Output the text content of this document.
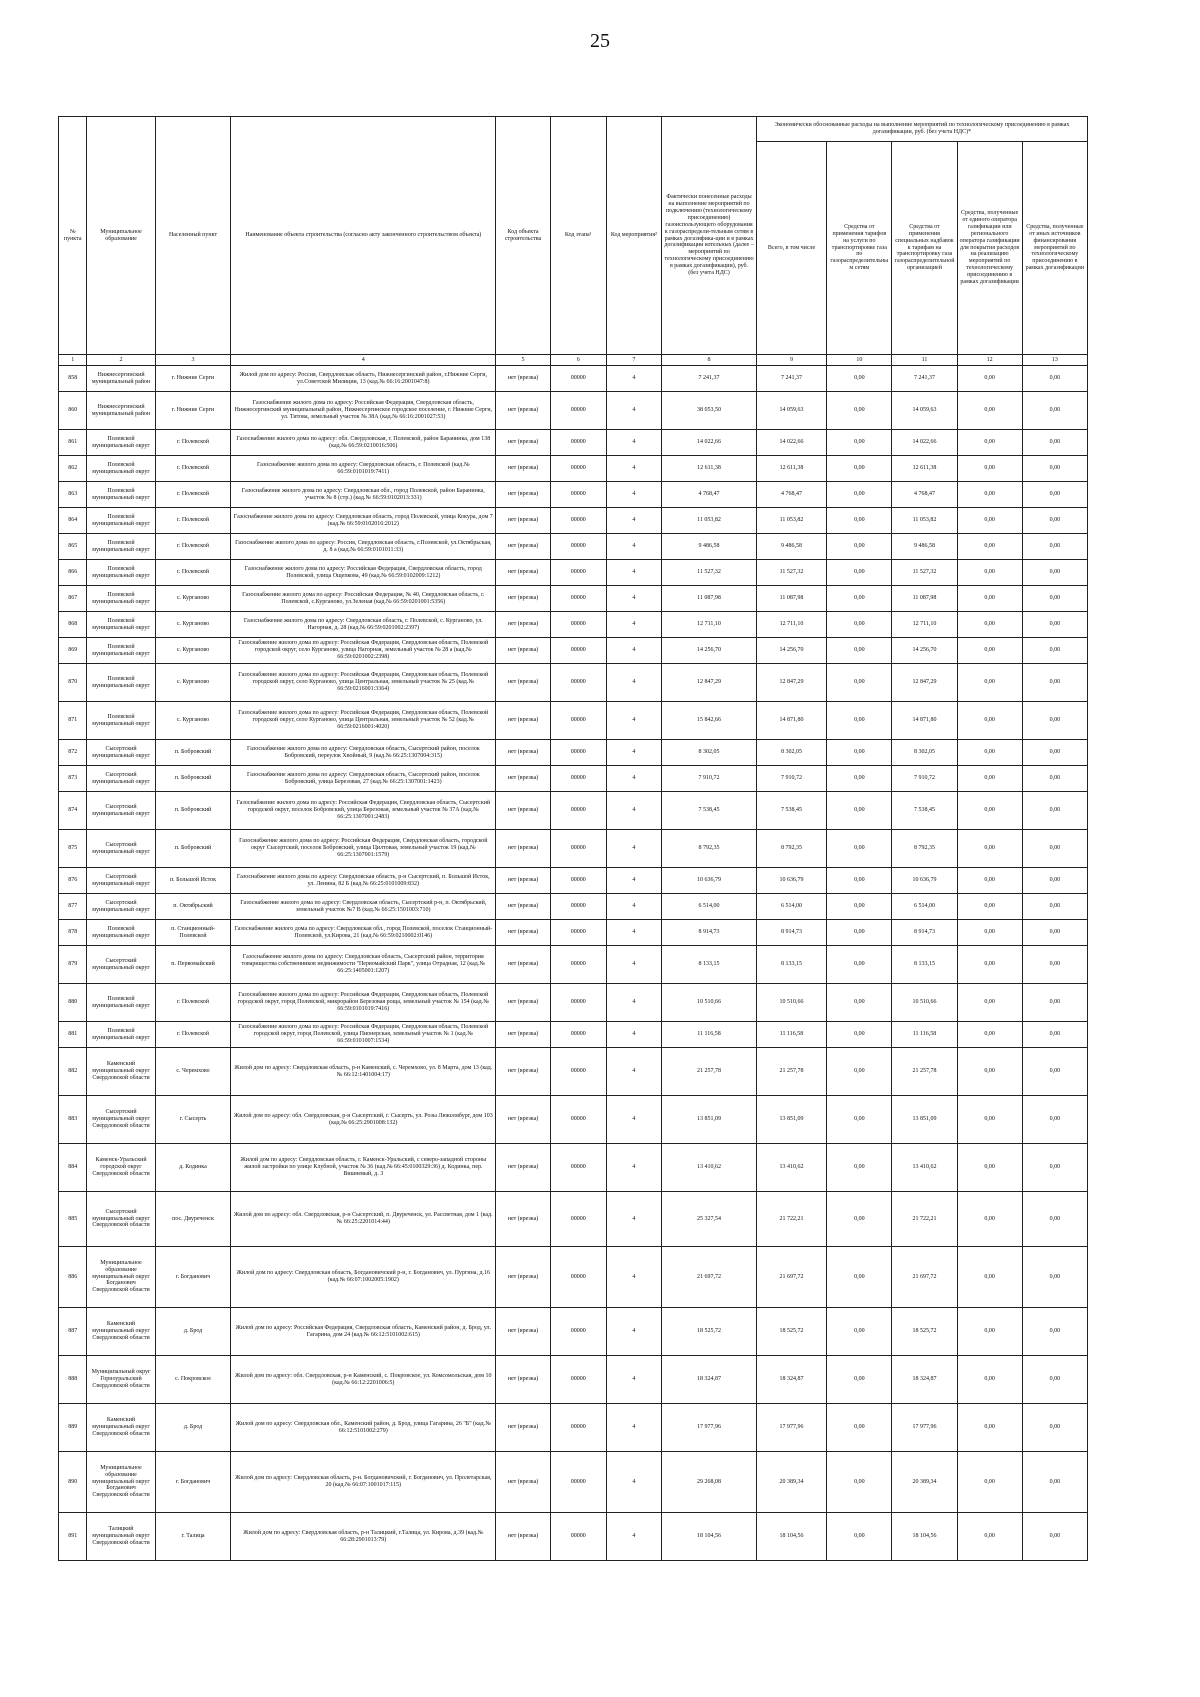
25
№ пункта	Муниципальное образование	Населенный пункт	Наименование объекта строительства (согласно акту законченного строительством объекта)	Код объекта строительства	Код этапа¹	Код мероприятия²	Фактически понесенные расходы на выполнение мероприятий по подключению (технологическому присоединению) газоиспользующего оборудования к газораспредели-тельным сетям в рамках догазифика-ции и в рамках догазификации котельных (далее – мероприятий по технологическому присоединению в рамках догазификации), руб. (без учета НДС)	Экономически обоснованные расходы на выполнение мероприятий по технологическому присоединению в рамках догазификации, руб. (без учета НДС)*				
								Всего, в том числе	Средства от применения тарифов на услуги по транспортировке газа по газораспределительным сетям	Средства от применения специальных надбавок к тарифам на транспортировку газа газораспределительной организацией	Средства, полученные от единого оператора газификации или регионального оператора газификации для покрытия расходов на реализацию мероприятий по технологическому присоединению в рамках догазификации	Средства, полученные от иных источников финансирования мероприятий по технологическому присоединению в рамках догазификации
1	2	3	4	5	6	7	8	9	10	11	12	13
858	Нижнесергинский муниципальный район	г. Нижние Серги	Жилой дом по адресу: Россия, Свердловская область, Нижнесергинский район, г.Нижние Серги, ул.Советской Милиции, 13 (кад.№ 66:16:2001047:8)	нет (врезка)	00000	4	7 241,37	7 241,37	0,00	7 241,37	0,00	0,00
860	Нижнесергинский муниципальный район	г. Нижние Серги	Газоснабжение жилого дома по адресу: Российская Федерация, Свердловская область, Нижнесергинский муниципальный район, Нижнесергинское городское поселение, г. Нижние Серги, ул. Титова, земельный участок № 38А (кад.№ 66:16:2001027:53)	нет (врезка)	00000	4	38 053,50	14 059,63	0,00	14 059,63	0,00	0,00
861	Полевской муниципальный округ	г. Полевской	Газоснабжение жилого дома по адресу: обл. Свердловская, г. Полевской, район Баранинка, дом 138 (кад.№ 66:59:0210016:506)	нет (врезка)	00000	4	14 022,66	14 022,66	0,00	14 022,66	0,00	0,00
862	Полевской муниципальный округ	г. Полевской	Газоснабжение жилого дома по адресу: Свердловская область, г. Полевской (кад.№ 66:59:0101019:7411)	нет (врезка)	00000	4	12 611,38	12 611,38	0,00	12 611,38	0,00	0,00
863	Полевской муниципальный округ	г. Полевской	Газоснабжение жилого дома по адресу: Свердловская обл., город Полевской, район Баранинка, участок № 8 (стр.) (кад.№ 66:59:0102013:331)	нет (врезка)	00000	4	4 768,47	4 768,47	0,00	4 768,47	0,00	0,00
864	Полевской муниципальный округ	г. Полевской	Газоснабжение жилого дома по адресу: Свердловская область, город Полевской, улица Кокура, дом 7 (кад.№ 66:59:0102016:2012)	нет (врезка)	00000	4	11 053,82	11 053,82	0,00	11 053,82	0,00	0,00
865	Полевской муниципальный округ	г. Полевской	Газоснабжение жилого дома по адресу: Россия, Свердловская область, г.Полевской, ул.Октябрьская, д. 8 а (кад.№ 66:59:0101011:33)	нет (врезка)	00000	4	9 486,58	9 486,58	0,00	9 486,58	0,00	0,00
866	Полевской муниципальный округ	г. Полевской	Газоснабжение жилого дома по адресу: Российская Федерация, Свердловская область, город Полевской, улица Ощепкова, 49 (кад.№ 66:59:0102009:1212)	нет (врезка)	00000	4	11 527,32	11 527,32	0,00	11 527,32	0,00	0,00
867	Полевской муниципальный округ	с. Курганово	Газоснабжение жилого дома по адресу: Российская Федерация, № 40, Свердловская область, г. Полевской, с.Курганово, ул.Зеленая (кад.№ 66:59:0201001:5356)	нет (врезка)	00000	4	11 087,98	11 087,98	0,00	11 087,98	0,00	0,00
868	Полевской муниципальный округ	с. Курганово	Газоснабжение жилого дома по адресу: Свердловская область, г. Полевской, с. Курганово, ул. Нагорная, д. 28 (кад.№ 66:59:0201002:2397)	нет (врезка)	00000	4	12 711,10	12 711,10	0,00	12 711,10	0,00	0,00
869	Полевской муниципальный округ	с. Курганово	Газоснабжение жилого дома по адресу: Российская Федерация, Свердловская область, Полевской городской округ, село Курганово, улица Нагорная, земельный участок № 28 а (кад.№ 66:59:0201002:2398)	нет (врезка)	00000	4	14 256,70	14 256,70	0,00	14 256,70	0,00	0,00
870	Полевской муниципальный округ	с. Курганово	Газоснабжение жилого дома по адресу: Российская Федерация, Свердловская область, Полевской городской округ, село Курганово, улица Центральная, земельный участок № 25 (кад.№ 66:59:0216001:3364)	нет (врезка)	00000	4	12 847,29	12 847,29	0,00	12 847,29	0,00	0,00
871	Полевской муниципальный округ	с. Курганово	Газоснабжение жилого дома по адресу: Российская Федерация, Свердловская область, Полевской городской округ, село Курганово, улица Центральная, земельный участок № 52 (кад.№ 66:59:0216001:4020)	нет (врезка)	00000	4	15 842,66	14 871,80	0,00	14 871,80	0,00	0,00
872	Сысертский муниципальный округ	п. Бобровский	Газоснабжение жилого дома по адресу: Свердловская область, Сысертский район, поселок Бобровский, переулок Хвойный, 9 (кад.№ 66:25:1307004:315)	нет (врезка)	00000	4	8 302,05	8 302,05	0,00	8 302,05	0,00	0,00
873	Сысертский муниципальный округ	п. Бобровский	Газоснабжение жилого дома по адресу: Свердловская область, Сысертский район, поселок Бобровский, улица Березовая, 27 (кад.№ 66:25:1307001:1423)	нет (врезка)	00000	4	7 910,72	7 910,72	0,00	7 910,72	0,00	0,00
874	Сысертский муниципальный округ	п. Бобровский	Газоснабжение жилого дома по адресу: Российская Федерация, Свердловская область, Сысертский городской округ, поселок Бобровский, улица Березовая, земельный участок № 37А (кад.№ 66:25:1307001:2483)	нет (врезка)	00000	4	7 538,45	7 538,45	0,00	7 538,45	0,00	0,00
875	Сысертский муниципальный округ	п. Бобровский	Газоснабжение жилого дома по адресу: Российская Федерация, Свердловская область, городской округ Сысертский, поселок Бобровский, улица Цилтовая, земельный участок 19 (кад.№ 66:25:1307001:1579)	нет (врезка)	00000	4	8 792,35	8 792,35	0,00	8 792,35	0,00	0,00
876	Сысертский муниципальный округ	п. Большой Исток	Газоснабжение жилого дома по адресу: Свердловская область, р-н Сысертский, п. Большой Исток, ул. Ленина, 82 Б (кад.№ 66:25:0101009:832)	нет (врезка)	00000	4	10 636,79	10 636,79	0,00	10 636,79	0,00	0,00
877	Сысертский муниципальный округ	п. Октябрьский	Газоснабжение жилого дома по адресу: Свердловская область, Сысертский р-н, п. Октябрьский, земельный участок №7 В (кад.№ 66:25:1501003:710)	нет (врезка)	00000	4	6 514,00	6 514,00	0,00	6 514,00	0,00	0,00
878	Полевской муниципальный округ	п. Станционный-Полевской	Газоснабжение жилого дома по адресу: Свердловская обл., город Полевской, поселок Станционный-Полевской, ул.Кирова, 21 (кад.№ 66:59:0210002:0146)	нет (врезка)	00000	4	8 914,73	8 914,73	0,00	8 914,73	0,00	0,00
879	Сысертский муниципальный округ	п. Первомайский	Газоснабжение жилого дома по адресу: Свердловская область, Сысертский район, территория товарищества собственников недвижимости "Первомайский Парк", улица Отрадная, 12 (кад.№ 66:25:1405001:1207)	нет (врезка)	00000	4	8 133,15	8 133,15	0,00	8 133,15	0,00	0,00
880	Полевской муниципальный округ	г. Полевской	Газоснабжение жилого дома по адресу: Российская Федерация, Свердловская область, Полевской городской округ, город Полевской, микрорайон Березовая роща, земельный участок № 154 (кад.№ 66:59:0101019:7416)	нет (врезка)	00000	4	10 510,66	10 510,66	0,00	10 510,66	0,00	0,00
881	Полевской муниципальный округ	г. Полевской	Газоснабжение жилого дома по адресу: Российская Федерация, Свердловская область, Полевской городской округ, город Полевской, улица Пионерская, земельный участок № 1 (кад.№ 66:59:0101007:1534)	нет (врезка)	00000	4	11 116,58	11 116,58	0,00	11 116,58	0,00	0,00
882	Каменский муниципальный округ Свердловской области	с. Черемхово	Жилой дом по адресу: Свердловская область, р-н Каменский, с. Черемхово, ул. 8 Марта, дом 13 (кад.№ 66:12:1401004:17)	нет (врезка)	00000	4	21 257,78	21 257,78	0,00	21 257,78	0,00	0,00
883	Сысертский муниципальный округ Свердловской области	г. Сысерть	Жилой дом по адресу: обл. Свердловская, р-н Сысертский, г. Сысерть, ул. Розы Люксембург, дом 103 (кад.№ 66:25:2901008:132)	нет (врезка)	00000	4	13 851,09	13 851,09	0,00	13 851,09	0,00	0,00
884	Каменск-Уральский городской округ Свердловской области	д. Кодинка	Жилой дом по адресу: Свердловская область, г. Каменск-Уральский, с северо-западной стороны жилой застройки по улице Клубной, участок № 36 (кад.№ 66:45:0100329:36) д. Кодинка, пер. Вишневый, д. 3	нет (врезка)	00000	4	13 410,62	13 410,62	0,00	13 410,62	0,00	0,00
885	Сысертский муниципальный округ Свердловской области	пос. Двуреченск	Жилой дом по адресу: обл. Свердловская, р-н Сысертский, п. Двуреченск, ул. Рассветная, дом 1 (кад.№ 66:25:2201014:44)	нет (врезка)	00000	4	25 327,54	21 722,21	0,00	21 722,21	0,00	0,00
886	Муниципальное образование муниципальный округ Богданович Свердловской области	г. Богданович	Жилой дом по адресу: Свердловская область, Богдановичский р-н, г. Богданович, ул. Пургина, д.16 (кад.№ 66:07:1002005:1902)	нет (врезка)	00000	4	21 697,72	21 697,72	0,00	21 697,72	0,00	0,00
887	Каменский муниципальный округ Свердловской области	д. Брод	Жилой дом по адресу: Российская Федерация, Свердловская область, Каменский район, д. Брод, ул. Гагарина, дом 24 (кад.№ 66:12:5101002:615)	нет (врезка)	00000	4	18 525,72	18 525,72	0,00	18 525,72	0,00	0,00
888	Муниципальный округ Горноуральский Свердловской области	с. Покровское	Жилой дом по адресу: обл. Свердловская, р-н Каменский, с. Покровское, ул. Комсомольская, дом 10 (кад.№ 66:12:2201006:5)	нет (врезка)	00000	4	18 324,87	18 324,87	0,00	18 324,87	0,00	0,00
889	Каменский муниципальный округ Свердловской области	д. Брод	Жилой дом по адресу: Свердловская обл., Каменский район, д. Брод, улица Гагарина, 26 "Б" (кад.№ 66:12:5101002:279)	нет (врезка)	00000	4	17 977,96	17 977,96	0,00	17 977,96	0,00	0,00
890	Муниципальное образование муниципальный округ Богданович Свердловской области	г. Богданович	Жилой дом по адресу: Свердловская область, р-н. Богдановичский, г. Богданович, ул. Пролетарская, 20 (кад.№ 66:07:1001017:115)	нет (врезка)	00000	4	29 268,08	20 389,34	0,00	20 389,34	0,00	0,00
891	Талицкий муниципальный округ Свердловской области	г. Талица	Жилой дом по адресу: Свердловская область, р-н Талицкий, г.Талица, ул. Кирова, д.39 (кад.№ 66:28:2901013:79)	нет (врезка)	00000	4	18 104,56	18 104,56	0,00	18 104,56	0,00	0,00
